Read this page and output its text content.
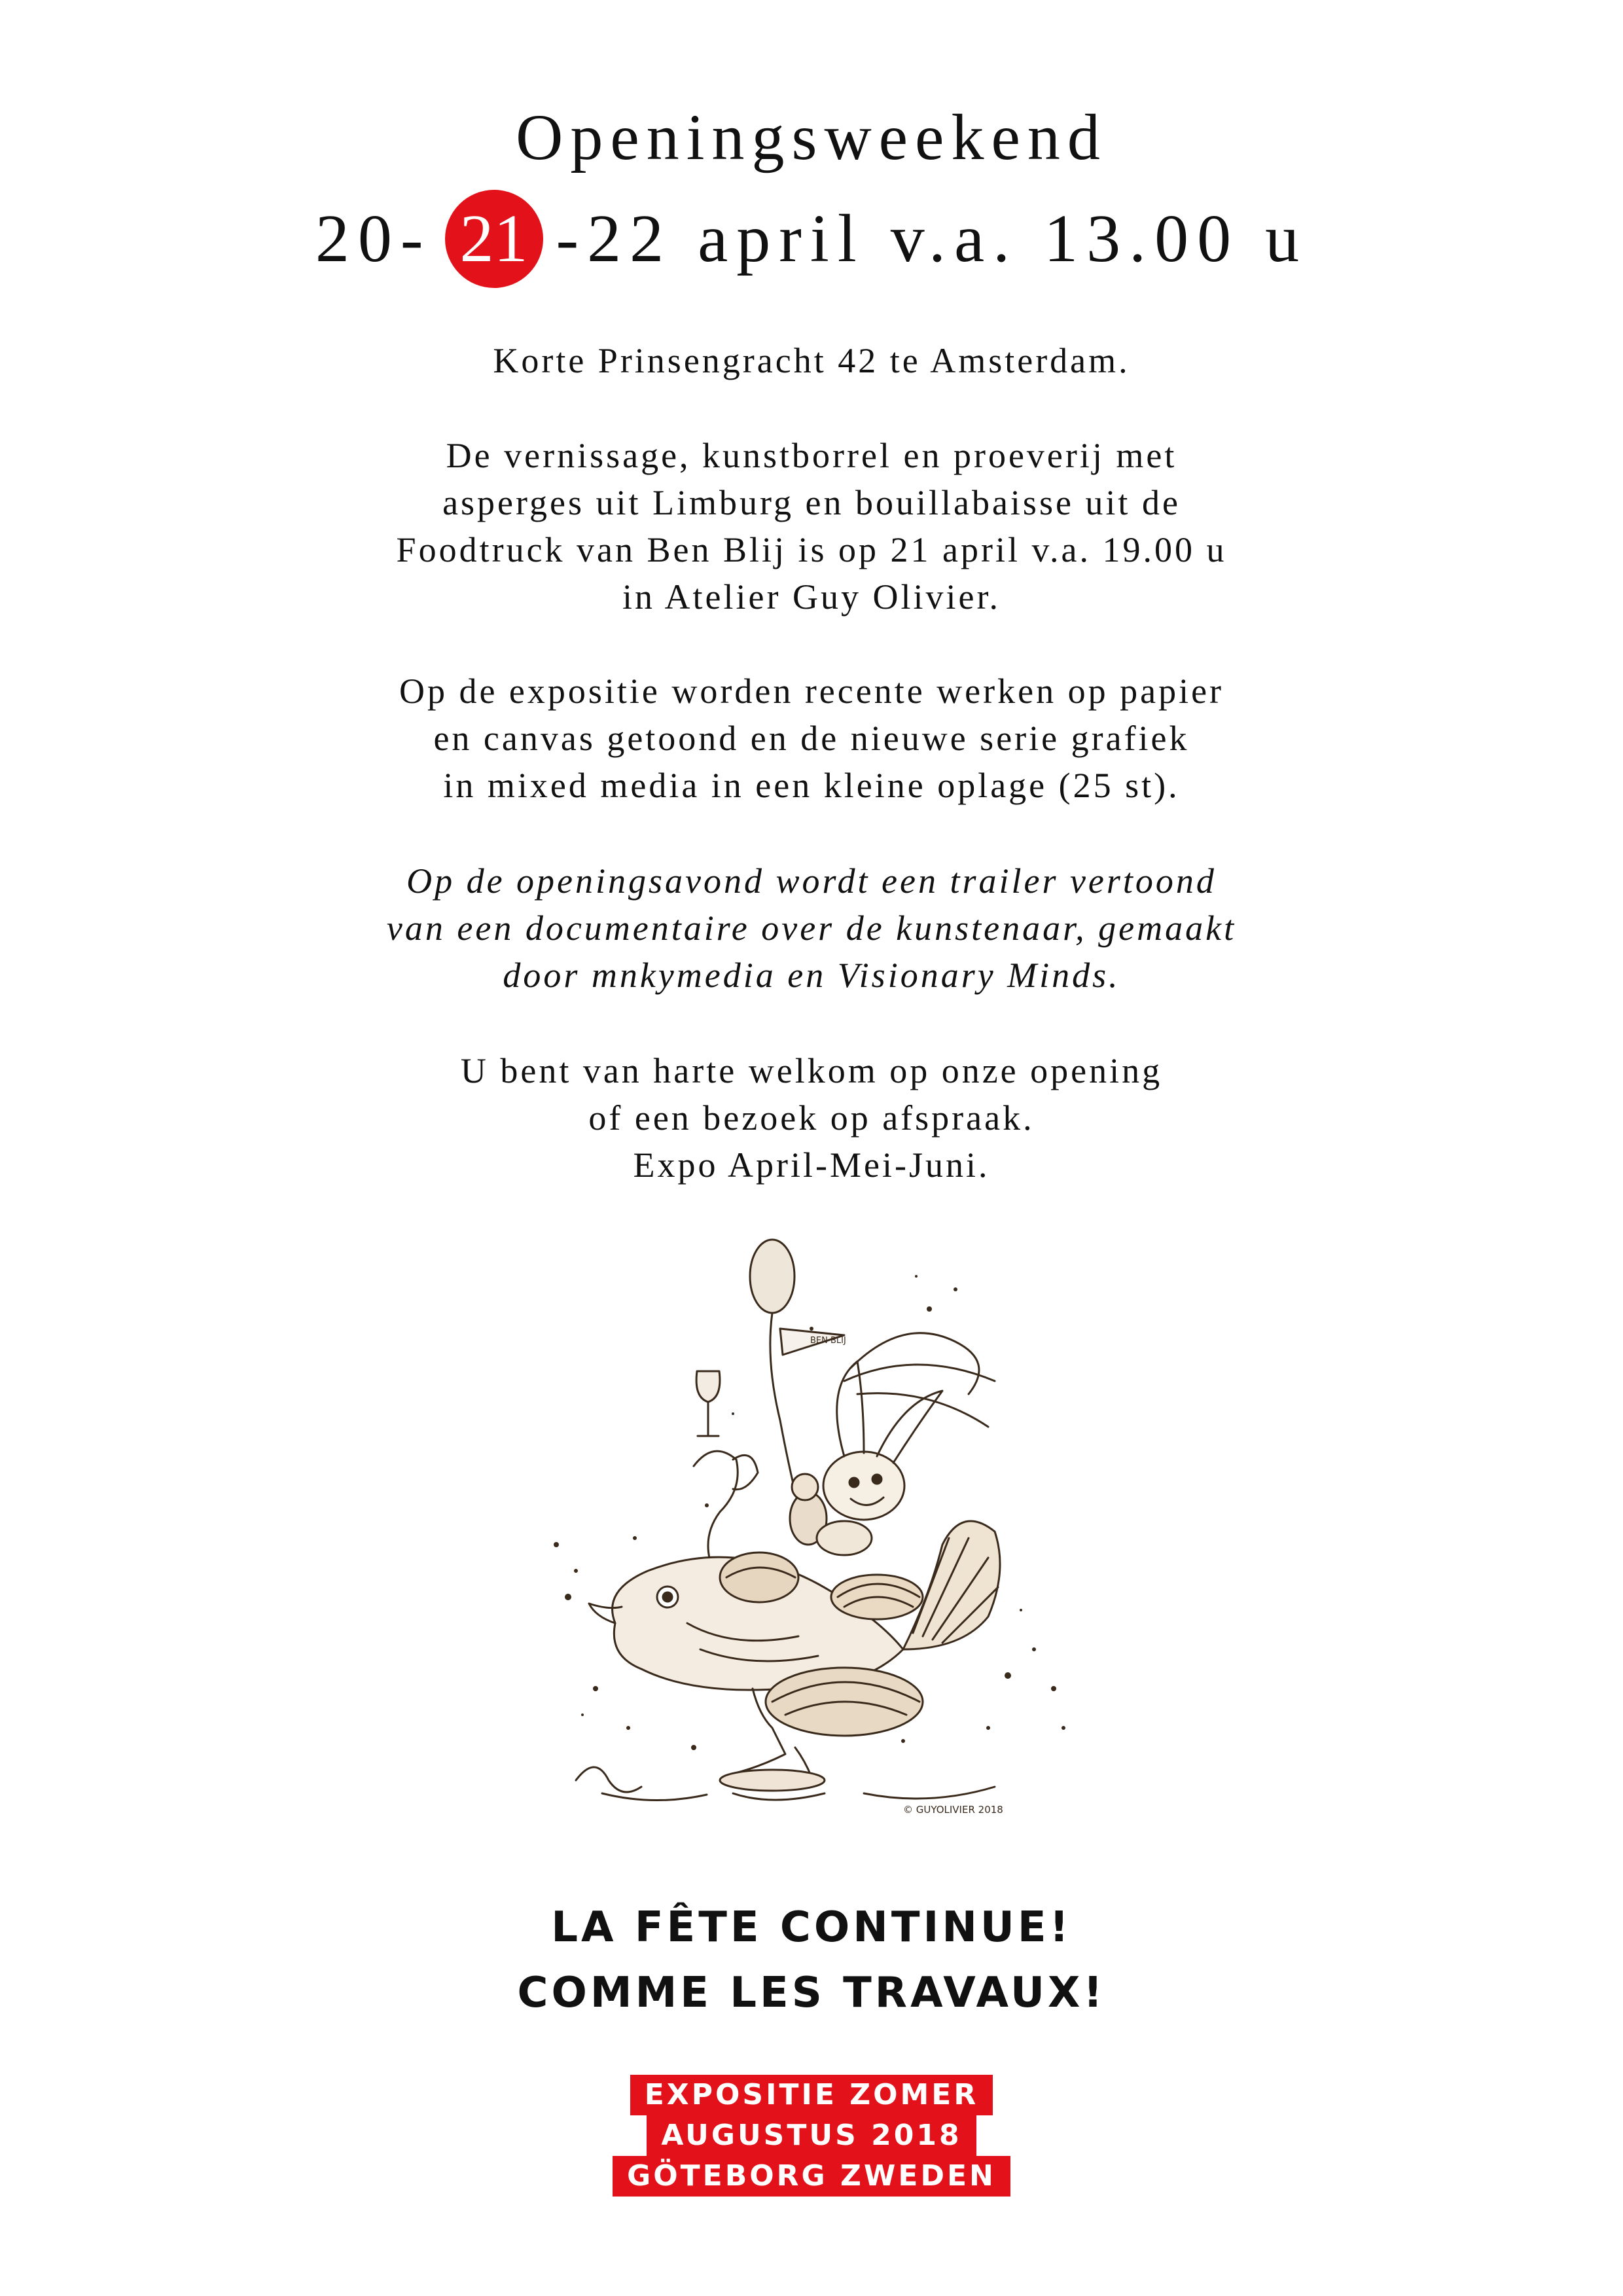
Openingsweekend
20- 21 -22 april v.a. 13.00 u
Korte Prinsengracht 42 te Amsterdam.
De vernissage, kunstborrel en proeverij met
asperges uit Limburg en bouillabaisse uit de
Foodtruck van Ben Blij is op 21 april v.a. 19.00 u
in Atelier Guy Olivier.
Op de expositie worden recente werken op papier
en canvas getoond en de nieuwe serie grafiek
in mixed media in een kleine oplage (25 st).
Op de openingsavond wordt een trailer vertoond
van een documentaire over de kunstenaar, gemaakt
door mnkymedia en Visionary Minds.
U bent van harte welkom op onze opening
of een bezoek op afspraak.
Expo April-Mei-Juni.
BEN BLIJ
© GUYOLIVIER 2018
LA FÊTE CONTINUE!
COMME LES TRAVAUX!
EXPOSITIE ZOMER
AUGUSTUS 2018
GÖTEBORG ZWEDEN
